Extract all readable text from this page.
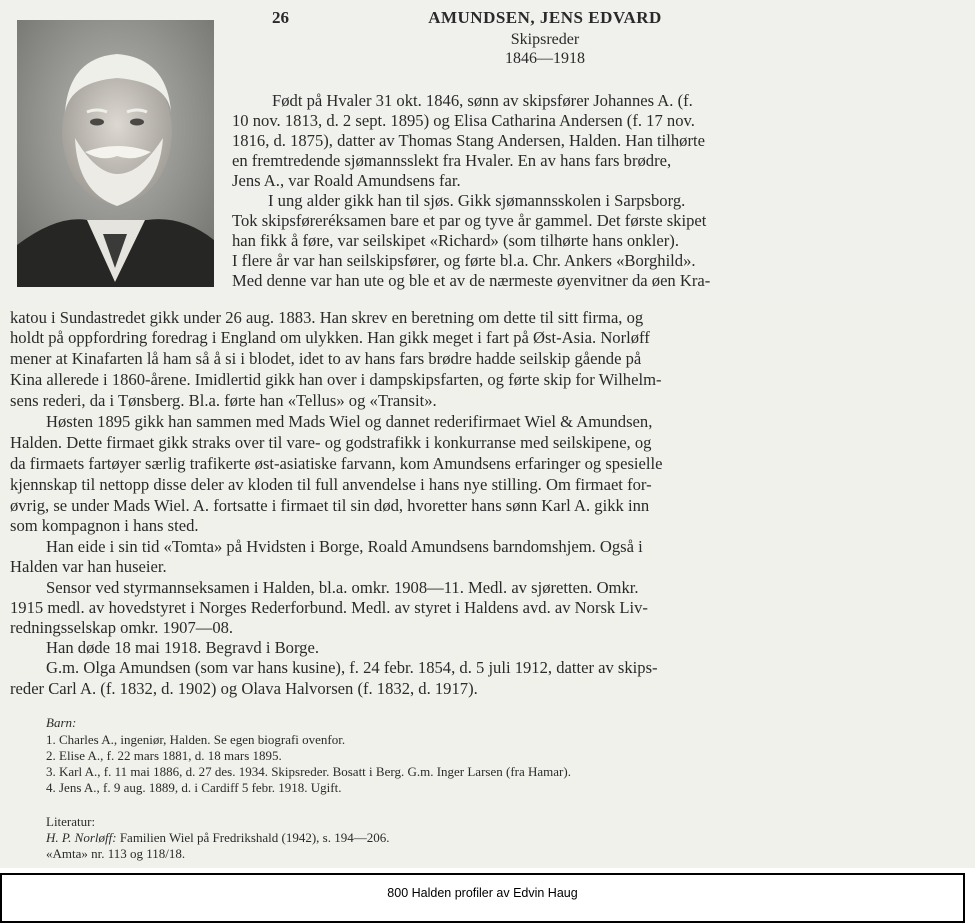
26	AMUNDSEN, JENS EDVARD
Skipsreder
1846—1918
Født på Hvaler 31 okt. 1846, sønn av skipsfører Johannes A. (f.
10 nov. 1813, d. 2 sept. 1895) og Elisa Catharina Andersen (f. 17 nov.
1816, d. 1875), datter av Thomas Stang Andersen, Halden. Han tilhørte
en fremtredende sjømannsslekt fra Hvaler. En av hans fars brødre,
Jens A., var Roald Amundsens far.
I ung alder gikk han til sjøs. Gikk sjømannsskolen i Sarpsborg.
Tok skipsføreréksamen bare et par og tyve år gammel. Det første skipet
han fikk å føre, var seilskipet «Richard» (som tilhørte hans onkler).
I flere år var han seilskipsfører, og førte bl.a. Chr. Ankers «Borghild».
Med denne var han ute og ble et av de nærmeste øyenvitner da øen Kra-
katou i Sundastredet gikk under 26 aug. 1883. Han skrev en beretning om dette til sitt firma, og
holdt på oppfordring foredrag i England om ulykken. Han gikk meget i fart på Øst-Asia. Norløff
mener at Kinafarten lå ham så å si i blodet, idet to av hans fars brødre hadde seilskip gående på
Kina allerede i 1860-årene. Imidlertid gikk han over i dampskipsfarten, og førte skip for Wilhelm-
sens rederi, da i Tønsberg. Bl.a. førte han «Tellus» og «Transit».
Høsten 1895 gikk han sammen med Mads Wiel og dannet rederifirmaet Wiel & Amundsen,
Halden. Dette firmaet gikk straks over til vare- og godstrafikk i konkurranse med seilskipene, og
da firmaets fartøyer særlig trafikerte øst-asiatiske farvann, kom Amundsens erfaringer og spesielle
kjennskap til nettopp disse deler av kloden til full anvendelse i hans nye stilling. Om firmaet for-
øvrig, se under Mads Wiel. A. fortsatte i firmaet til sin død, hvoretter hans sønn Karl A. gikk inn
som kompagnon i hans sted.
Han eide i sin tid «Tomta» på Hvidsten i Borge, Roald Amundsens barndomshjem. Også i
Halden var han huseier.
Sensor ved styrmannseksamen i Halden, bl.a. omkr. 1908—11. Medl. av sjøretten. Omkr.
1915 medl. av hovedstyret i Norges Rederforbund. Medl. av styret i Haldens avd. av Norsk Liv-
redningsselskap omkr. 1907—08.
Han døde 18 mai 1918. Begravd i Borge.
G.m. Olga Amundsen (som var hans kusine), f. 24 febr. 1854, d. 5 juli 1912, datter av skips-
reder Carl A. (f. 1832, d. 1902) og Olava Halvorsen (f. 1832, d. 1917).
Barn:
1. Charles A., ingeniør, Halden. Se egen biografi ovenfor.
2. Elise A., f. 22 mars 1881, d. 18 mars 1895.
3. Karl A., f. 11 mai 1886, d. 27 des. 1934. Skipsreder. Bosatt i Berg. G.m. Inger Larsen (fra Hamar).
4. Jens A., f. 9 aug. 1889, d. i Cardiff 5 febr. 1918. Ugift.
Literatur:
H. P. Norløff: Familien Wiel på Fredrikshald (1942), s. 194—206.
«Amta» nr. 113 og 118/18.
800 Halden profiler av Edvin Haug
